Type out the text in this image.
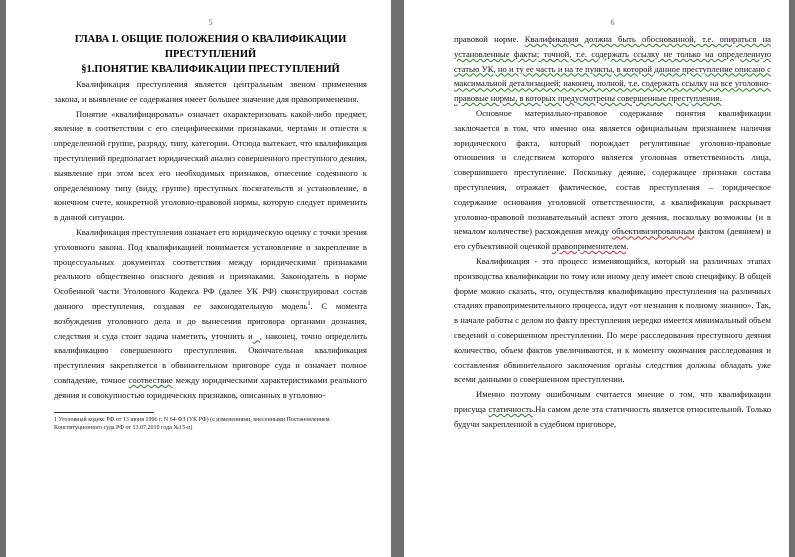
5

ГЛАВА I. ОБЩИЕ ПОЛОЖЕНИЯ О КВАЛИФИКАЦИИ

ПРЕСТУПЛЕНИЙ

§1.ПОНЯТИЕ КВАЛИФИКАЦИИ ПРЕСТУПЛЕНИЙ

Квалификация преступления является центральным звеном применения закона, и выявление ее содержания имеет большее значение для правоприменения.

Понятие «квалифицировать» означает охарактеризовать какой-либо предмет, явление в соответствии с его специфическими признаками, чертами и отнести к определенной группе, разряду, типу, категории. Отсюда вытекает, что квалификация преступлений предполагает юридический анализ совершенного преступного деяния, выявление при этом всех его необходимых признаков, отнесение содеянного к определенному типу (виду, группе) преступных посягательств и установление, в конечном счете, конкретной уголовно-правовой нормы, которую следует применить в данной ситуации.

Квалификация преступления означает его юридическую оценку с точки зрения уголовного закона. Под квалификацией понимается установление и закрепление в процессуальных документах соответствия между юридическими признаками реального общественно опасного деяния и признаками. Законодатель в норме Особенной части Уголовного Кодекса РФ (далее УК РФ) сконструировал состав данного преступления, создавая ее законодательную модель$^1$. С момента возбуждения уголовного дела и до вынесения приговора органами дознания, следствия и суда стоит задача наметить, уточнить и , наконец, точно определить квалификацию совершенного преступления. Окончательная квалификация преступления закрепляется в обвинительном приговоре суда и означает полное совпадение, точное соотвествие между юридическими характеристиками реального деяния и совокупностью юридических признаков, описанных в уголовно-

1 Уголовный кодекс РФ от 13 июня 1996 г. N 64-ФЗ (УК РФ) (с изменениями, внесенными Постановлением Конституционного суда РФ от 13.07.2010 года №15-п)

6

правовой норме. Квалификация должна быть обоснованной, т.е. опираться на установленные факты; точной, т.е. содержать ссылку не только на определенную статью УК, но и ту ее часть и на те пункты, в которой данное преступление описано с максимальной детализацией; наконец, полной, т.е. содержать ссылку на все уголовно-правовые нормы, в которых предусмотрены совершенные преступления.

Основное материально-правовое содержание понятия квалификации заключается в том, что именно она является официальным признанием наличия юридического факта, который порождает регулятивные уголовно-правовые отношения и следствием которого является уголовная ответственность лица, совершившего преступление. Поскольку деяние, содержащее признаки состава преступления, отражает фактическое, состав преступления – юридическое содержание основания уголовной ответственности, а квалификация раскрывает уголовно-правовой познавательный аспект этого деяния, поскольку возможны (и в немалом количестве) расхождения между объективизированным фактом (деянием) и его субъективной оценкой правоприменителем.

Квалификация - это процесс изменяющийся, который на различных этапах производства квалификации по тому или иному делу имеет свою специфику. В общей форме можно сказать, что, осуществляя квалификацию преступления на различных стадиях правоприменительного процесса, идут «от незнания к полному знанию». Так, в начале работы с делом по факту преступления нередко имеется минимальный объем сведений о совершенном преступлении. По мере расследования преступного деяния количество, объем фактов увеличиваются, и к моменту окончания расследования и составления обвинительного заключения органы следствия должны обладать уже всеми данными о совершенном преступлении.

Именно поэтому ошибочным считается мнение о том, что квалификации присуща статичность.На самом деле эта статичность является относительной. Только будучи закрепленной в судебном приговоре,
